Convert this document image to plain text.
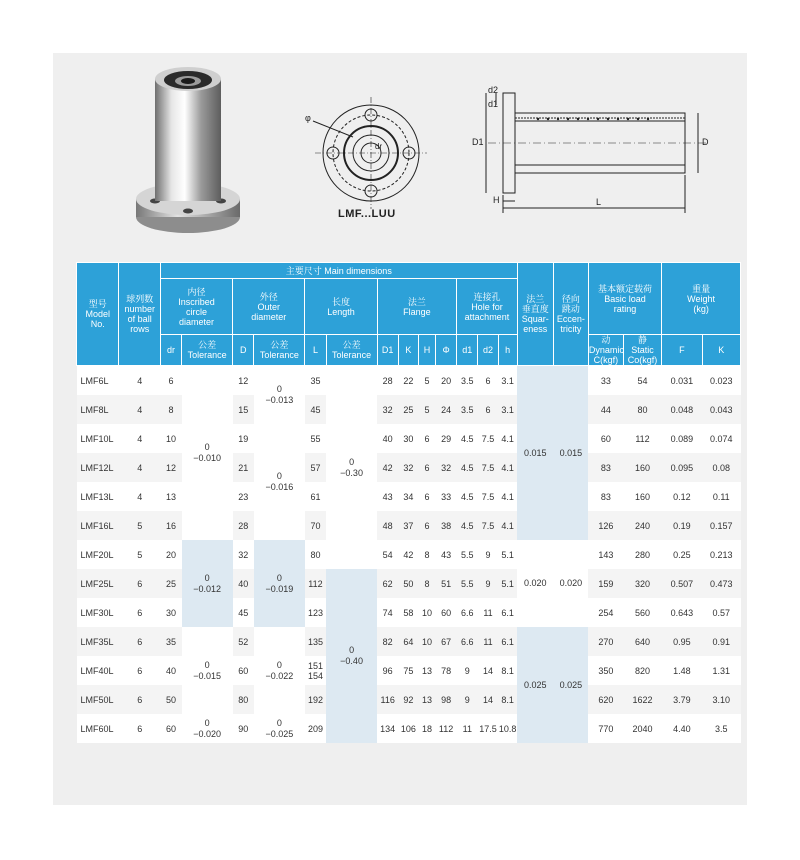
φ
dr
LMF...LUU
d2
d1
D1	D
H	L
型号
Model
No.	球列数
number
of ball
rows	主要尺寸 Main dimensions													法兰
垂直度
Squar-
eness	径向
跳动
Eccen-
tricity	基本额定载荷
Basic load
rating		重量
Weight
(kg)	
		内径
Inscribed
circle
diameter		外径
Outer
diameter		长度
Length		法兰
Flange				连接孔
Hole for
attachment								
		dr	公差
Tolerance	D	公差
Tolerance	L	公差
Tolerance	D1	K	H	Φ	d1	d2	h			动
Dynamic
C(kgf)	静
Static
Co(kgf)	F	K
LMF6L	4	6	0
−0.010	12	0
−0.013	35	0
−0.30	28	22	5	20	3.5	6	3.1	0.015	0.015	33	54	0.031	0.023
LMF8L	4	8		15		45		32	25	5	24	3.5	6	3.1			44	80	0.048	0.043
LMF10L	4	10		19	0
−0.016	55		40	30	6	29	4.5	7.5	4.1			60	112	0.089	0.074
LMF12L	4	12		21		57		42	32	6	32	4.5	7.5	4.1			83	160	0.095	0.08
LMF13L	4	13		23		61		43	34	6	33	4.5	7.5	4.1			83	160	0.12	0.11
LMF16L	5	16		28		70		48	37	6	38	4.5	7.5	4.1			126	240	0.19	0.157
LMF20L	5	20	0
−0.012	32	0
−0.019	80		54	42	8	43	5.5	9	5.1	0.020	0.020	143	280	0.25	0.213
LMF25L	6	25		40		112	0
−0.40	62	50	8	51	5.5	9	5.1			159	320	0.507	0.473
LMF30L	6	30		45		123		74	58	10	60	6.6	11	6.1			254	560	0.643	0.57
LMF35L	6	35	0
−0.015	52	0
−0.022	135		82	64	10	67	6.6	11	6.1	0.025	0.025	270	640	0.95	0.91
LMF40L	6	40		60		151 154		96	75	13	78	9	14	8.1			350	820	1.48	1.31
LMF50L	6	50		80		192		116	92	13	98	9	14	8.1			620	1622	3.79	3.10
LMF60L	6	60	0
−0.020	90	0
−0.025	209		134	106	18	112	11	17.5	10.8			770	2040	4.40	3.5
